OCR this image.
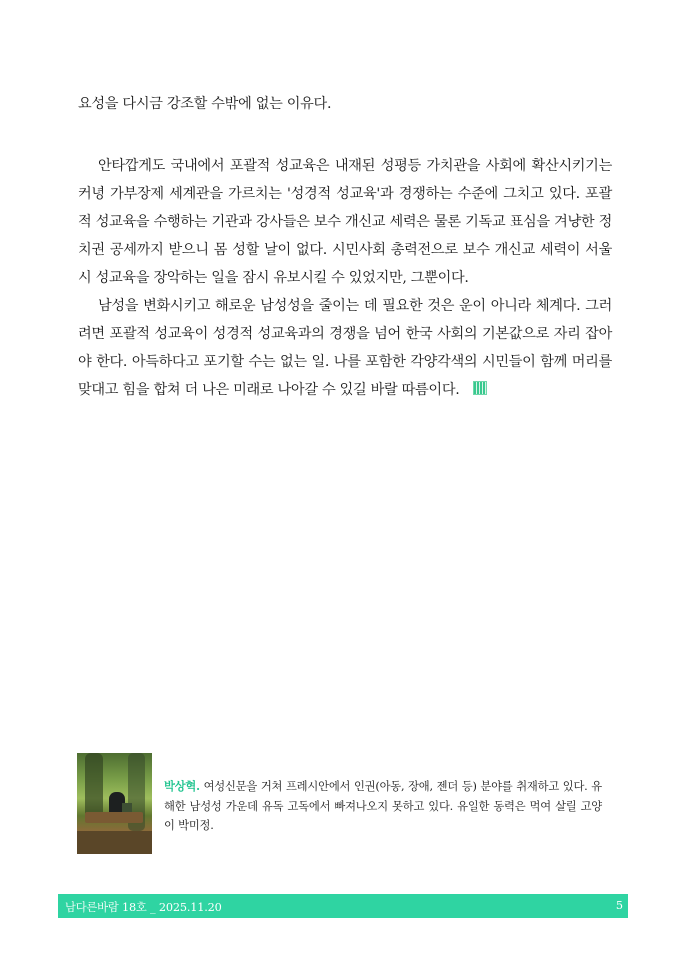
요성을 다시금 강조할 수밖에 없는 이유다.
안타깝게도 국내에서 포괄적 성교육은 내재된 성평등 가치관을 사회에 확산시키기는커녕 가부장제 세계관을 가르치는 '성경적 성교육'과 경쟁하는 수준에 그치고 있다. 포괄적 성교육을 수행하는 기관과 강사들은 보수 개신교 세력은 물론 기독교 표심을 겨냥한 정치권 공세까지 받으니 몸 성할 날이 없다. 시민사회 총력전으로 보수 개신교 세력이 서울시 성교육을 장악하는 일을 잠시 유보시킬 수 있었지만, 그뿐이다.
남성을 변화시키고 해로운 남성성을 줄이는 데 필요한 것은 운이 아니라 체계다. 그러려면 포괄적 성교육이 성경적 성교육과의 경쟁을 넘어 한국 사회의 기본값으로 자리 잡아야 한다. 아득하다고 포기할 수는 없는 일. 나를 포함한 각양각색의 시민들이 함께 머리를 맞대고 힘을 합쳐 더 나은 미래로 나아갈 수 있길 바랄 따름이다.
박상혁. 여성신문을 거쳐 프레시안에서 인권(아동, 장애, 젠더 등) 분야를 취재하고 있다. 유해한 남성성 가운데 유독 고독에서 빠져나오지 못하고 있다. 유일한 동력은 먹여 살릴 고양이 박미정.
남다른바람 18호 _ 2025.11.20	5
